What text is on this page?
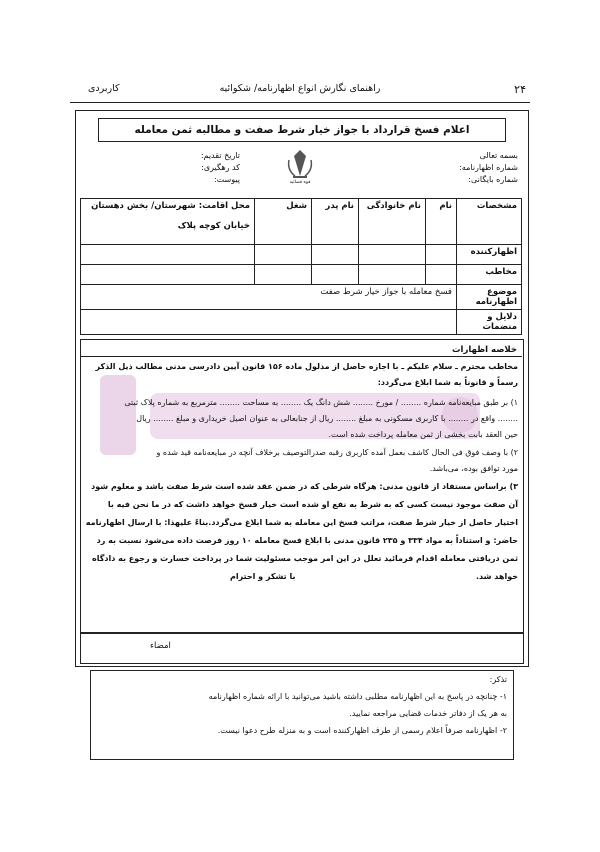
۲۴
راهنمای نگارش انواع اظهارنامه/ شکوائیه
کاربردی
اعلام فسخ قرارداد با جواز خیار شرط صفت و مطالبه ثمن معامله
بسمه تعالی
شماره اظهارنامه:
شماره بایگانی:
تاریخ تقدیم:
کد رهگیری:
پیوست:	قوه قضائیه
مشخصات	نام	نام خانوادگی	نام پدر	شغل	محل اقامت: شهرستان/ بخش دهستان
خیابان کوچه پلاک

اظهارکننده					
مخاطب					
موضوع اظهارنامه	فسخ معامله با جواز خیار شرط صفت				
دلایل و منضمات					
خلاصه اظهارات
مخاطب محترم ـ سلام علیکم ـ با اجازه حاصل از مدلول ماده ۱۵۶ قانون آیین دادرسی مدنی مطالب ذیل الذکر
رسماً و قانوناً به شما ابلاغ می‌گردد:
۱) بر طبق مبایعه‌نامه شماره ........ / مورخ ........ شش دانگ یک ........ به مساحت ........ مترمربع به شماره پلاک ثبتی
........ واقع در ........ با کاربری مسکونی به مبلغ ........ ریال از جنابعالی به عنوان اصیل خریداری و مبلغ ........ ریال
حین العقد بابت بخشی از ثمن معامله پرداخت شده است.
۲) با وصف فوق فی الحال کاشف بعمل آمده کاربری رقبه صدرالتوصیف برخلاف آنچه در مبایعه‌نامه قید شده و
مورد توافق بوده، می‌باشد.
۳) براساس مستفاد از قانون مدنی: هرگاه شرطی که در ضمن عقد شده است شرط صفت باشد و معلوم شود
آن صفت موجود نیست کسی که به شرط به نفع او شده است خیار فسخ خواهد داشت که در ما نحن فیه با
اختیار حاصل از خیار شرط صفت، مراتب فسخ این معامله به شما ابلاغ می‌گردد.بناءً علیهذا: با ارسال اظهارنامه
حاضر: و استناداً به مواد ۳۳۴ و ۲۳۵ قانون مدنی با ابلاغ فسخ معامله ۱۰ روز فرصت داده می‌شود نسبت به رد
ثمن دریافتی معامله اقدام فرمائید تعلل در این امر موجب مسئولیت شما در پرداخت خسارت و رجوع به دادگاه
خواهد شد.
با تشکر و احترام
امضاء
تذکر:
۱- چنانچه در پاسخ به این اظهارنامه مطلبی داشته باشید می‌توانید با ارائه شماره اظهارنامه
به هر یک از دفاتر خدمات قضایی مراجعه نمایید.
۲- اظهارنامه صرفاً اعلام رسمی از طرف اظهارکننده است و به منزله طرح دعوا نیست.
